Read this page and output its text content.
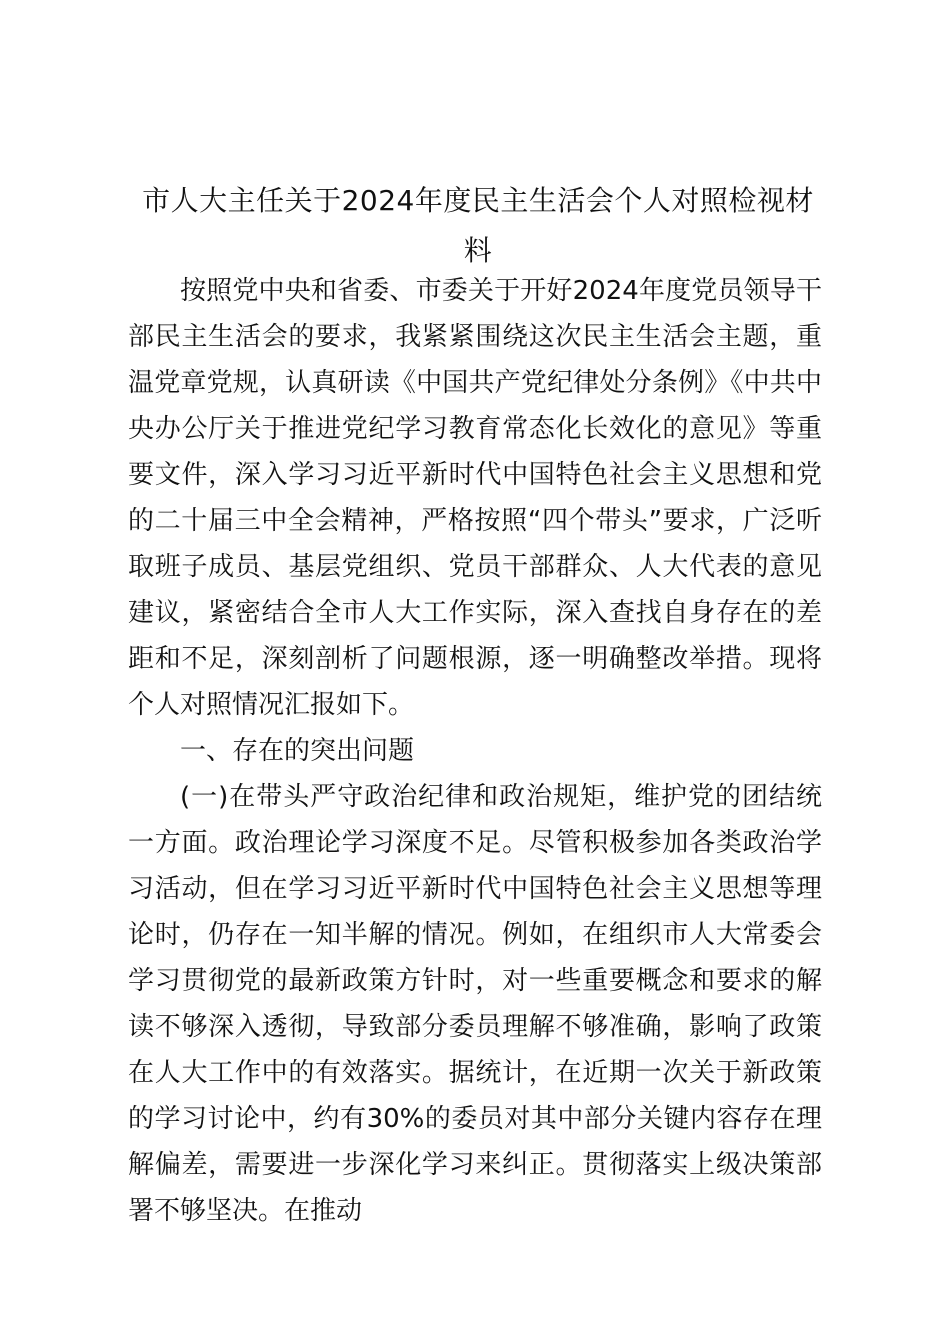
市人大主任关于2024年度民主生活会个人对照检视材料

按照党中央和省委、市委关于开好2024年度党员领导干部民主生活会的要求，我紧紧围绕这次民主生活会主题，重温党章党规，认真研读《中国共产党纪律处分条例》《中共中央办公厅关于推进党纪学习教育常态化长效化的意见》等重要文件，深入学习习近平新时代中国特色社会主义思想和党的二十届三中全会精神，严格按照“四个带头”要求，广泛听取班子成员、基层党组织、党员干部群众、人大代表的意见建议，紧密结合全市人大工作实际，深入查找自身存在的差距和不足，深刻剖析了问题根源，逐一明确整改举措。现将个人对照情况汇报如下。

一、存在的突出问题

(一)在带头严守政治纪律和政治规矩，维护党的团结统一方面。政治理论学习深度不足。尽管积极参加各类政治学习活动，但在学习习近平新时代中国特色社会主义思想等理论时，仍存在一知半解的情况。例如，在组织市人大常委会学习贯彻党的最新政策方针时，对一些重要概念和要求的解读不够深入透彻，导致部分委员理解不够准确，影响了政策在人大工作中的有效落实。据统计，在近期一次关于新政策的学习讨论中，约有30%的委员对其中部分关键内容存在理解偏差，需要进一步深化学习来纠正。贯彻落实上级决策部署不够坚决。在推动
